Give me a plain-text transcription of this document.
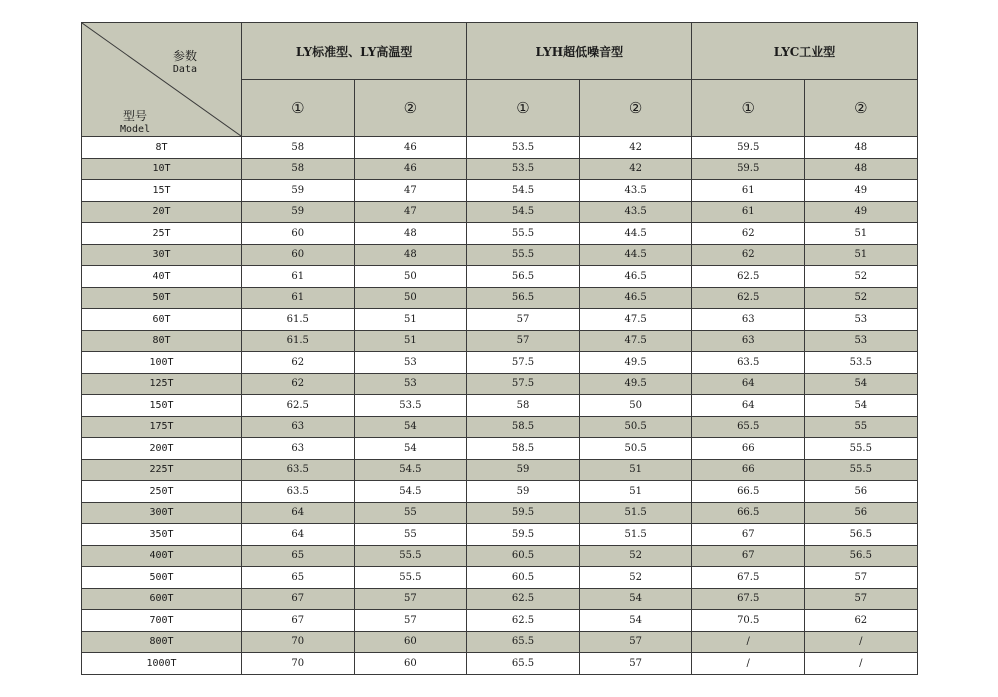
参数
Data
型号
Model	LY标准型、LY高温型		LYH超低噪音型		LYC工业型	
	①	②	①	②	①	②
8T	58	46	53.5	42	59.5	48
10T	58	46	53.5	42	59.5	48
15T	59	47	54.5	43.5	61	49
20T	59	47	54.5	43.5	61	49
25T	60	48	55.5	44.5	62	51
30T	60	48	55.5	44.5	62	51
40T	61	50	56.5	46.5	62.5	52
50T	61	50	56.5	46.5	62.5	52
60T	61.5	51	57	47.5	63	53
80T	61.5	51	57	47.5	63	53
100T	62	53	57.5	49.5	63.5	53.5
125T	62	53	57.5	49.5	64	54
150T	62.5	53.5	58	50	64	54
175T	63	54	58.5	50.5	65.5	55
200T	63	54	58.5	50.5	66	55.5
225T	63.5	54.5	59	51	66	55.5
250T	63.5	54.5	59	51	66.5	56
300T	64	55	59.5	51.5	66.5	56
350T	64	55	59.5	51.5	67	56.5
400T	65	55.5	60.5	52	67	56.5
500T	65	55.5	60.5	52	67.5	57
600T	67	57	62.5	54	67.5	57
700T	67	57	62.5	54	70.5	62
800T	70	60	65.5	57	/	/
1000T	70	60	65.5	57	/	/
